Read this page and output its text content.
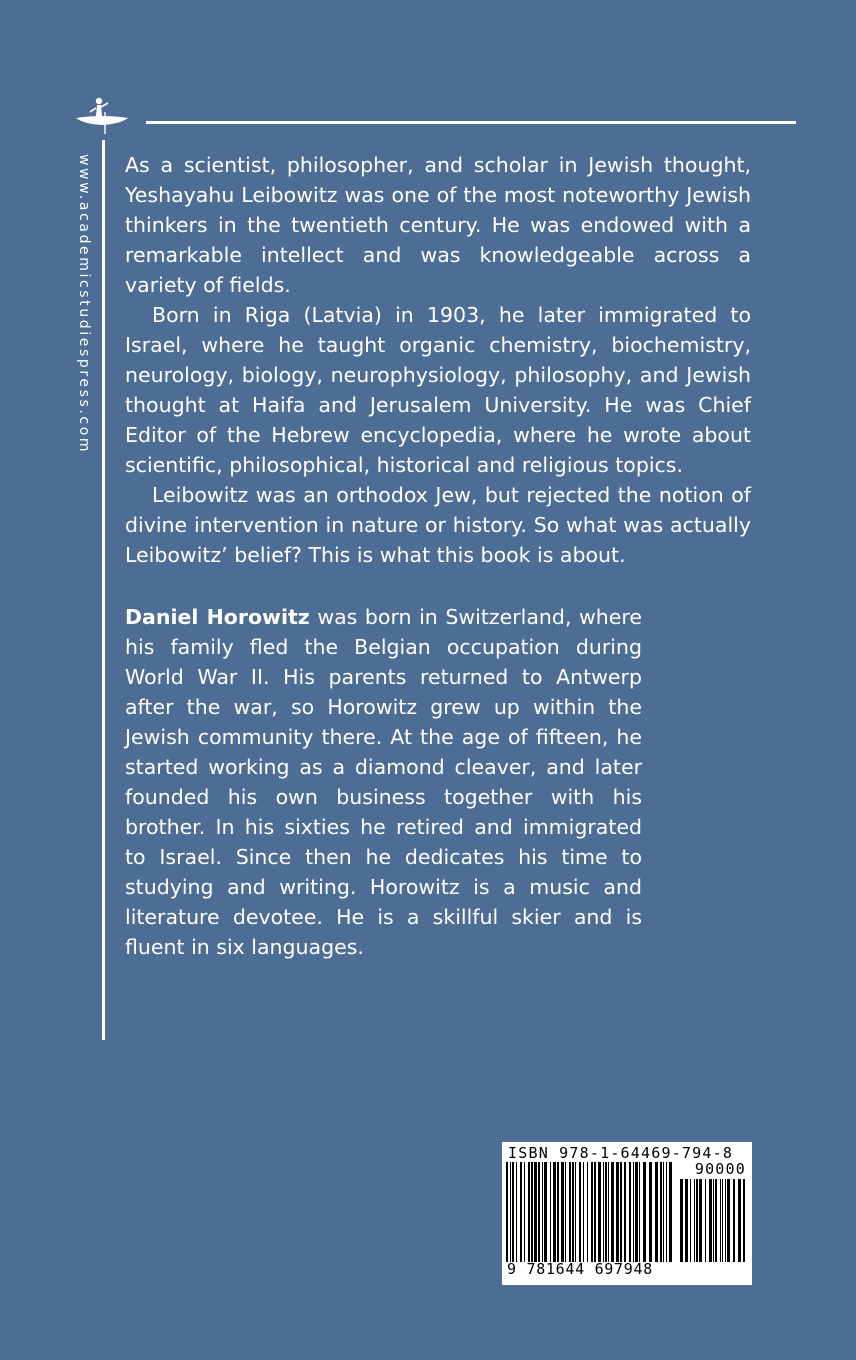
www.academicstudiespress.com As a scientist, philosopher, and scholar in Jewish thought, Yeshayahu Leibowitz was one of the most noteworthy Jewish thinkers in the twentieth century. He was endowed with a remarkable intellect and was knowledgeable across a variety of fields.

Born in Riga (Latvia) in 1903, he later immigrated to Israel, where he taught organic chemistry, biochemistry, neurology, biology, neurophysiology, philosophy, and Jewish thought at Haifa and Jerusalem University. He was Chief Editor of the Hebrew encyclopedia, where he wrote about scientific, philosophical, historical and religious topics.

Leibowitz was an orthodox Jew, but rejected the notion of divine intervention in nature or history. So what was actually Leibowitz’ belief? This is what this book is about.

Daniel Horowitz was born in Switzerland, where his family fled the Belgian occupation during World War II. His parents returned to Antwerp after the war, so Horowitz grew up within the Jewish community there. At the age of fifteen, he started working as a diamond cleaver, and later founded his own business together with his brother. In his sixties he retired and immigrated to Israel. Since then he dedicates his time to studying and writing. Horowitz is a music and literature devotee. He is a skillful skier and is fluent in six languages.

ISBN 978-1-64469-794-8
90000
9 781644 697948
